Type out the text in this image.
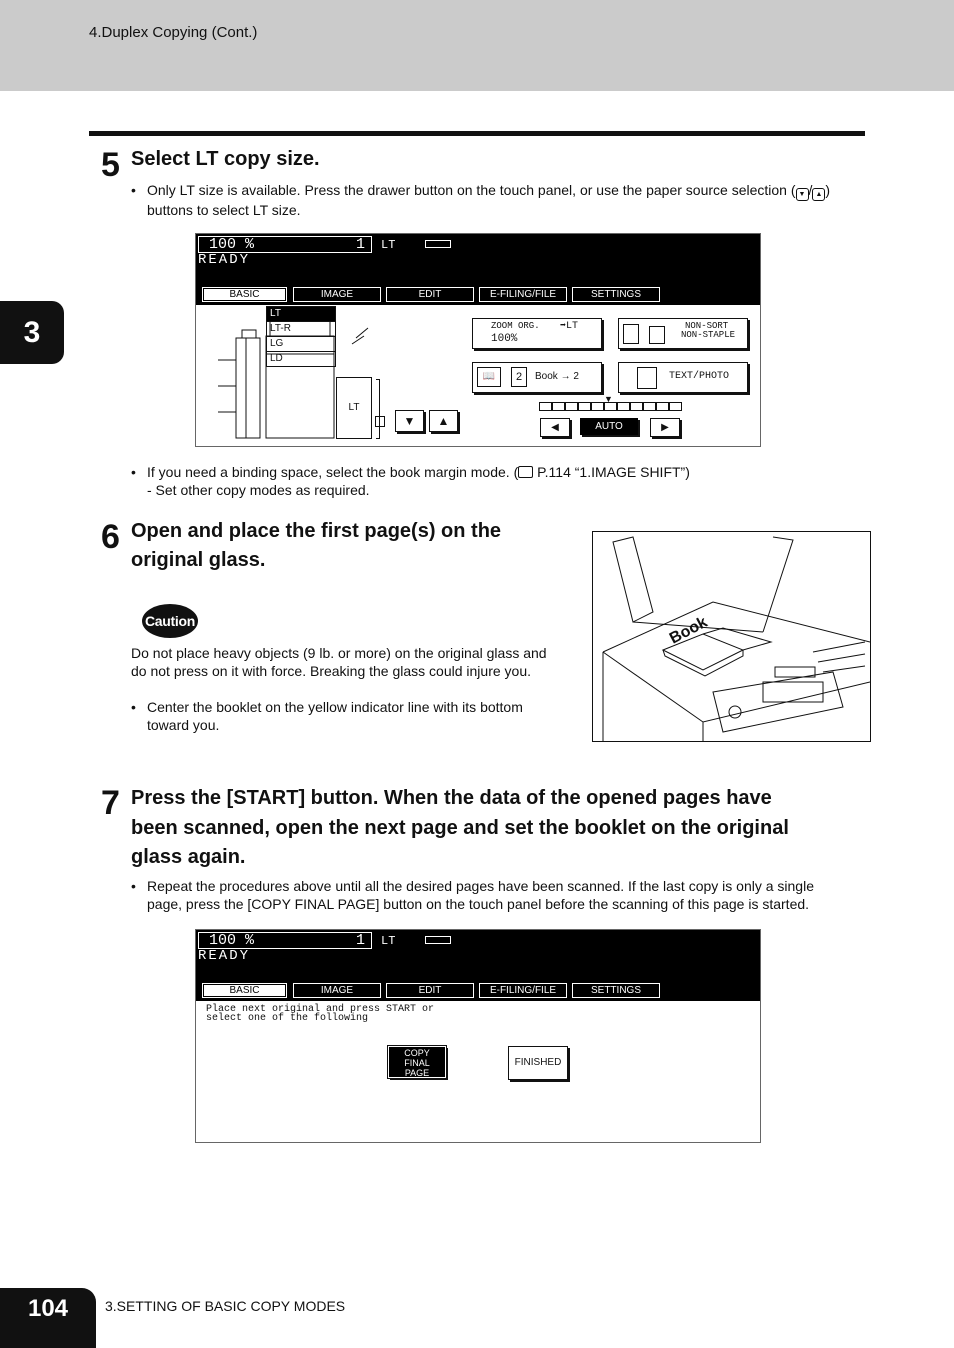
4.Duplex Copying (Cont.)
3
5 Select LT copy size.
• Only LT size is available. Press the drawer button on the touch panel, or use the paper source selection ( ▼ / ▲ )
buttons to select LT size.
100 %	1 LT
READY
BASIC	IMAGE	EDIT	E-FILING/FILE	SETTINGS
LT
LT-R
LG
LD
LT
▼	▲
ZOOM ORG. ➡LT
100%
NON-SORT
NON-STAPLE
📖	2	Book → 2	TEXT/PHOTO
▼
◀	AUTO	▶
• If you need a binding space, select the book margin mode. ( P.114 “1.IMAGE SHIFT”)
- Set other copy modes as required.
6 Open and place the first page(s) on the
original glass.
Caution
Do not place heavy objects (9 lb. or more) on the original glass and
do not press on it with force. Breaking the glass could injure you.
• Center the booklet on the yellow indicator line with its bottom
toward you.
Book
7 Press the [START] button. When the data of the opened pages have
been scanned, open the next page and set the booklet on the original
glass again.
• Repeat the procedures above until all the desired pages have been scanned. If the last copy is only a single
page, press the [COPY FINAL PAGE] button on the touch panel before the scanning of this page is started.
100 %	1 LT
READY
BASIC	IMAGE	EDIT	E-FILING/FILE	SETTINGS
Place next original and press START or
select one of the following
COPY
FINAL
PAGE
FINISHED
104	3.SETTING OF BASIC COPY MODES
